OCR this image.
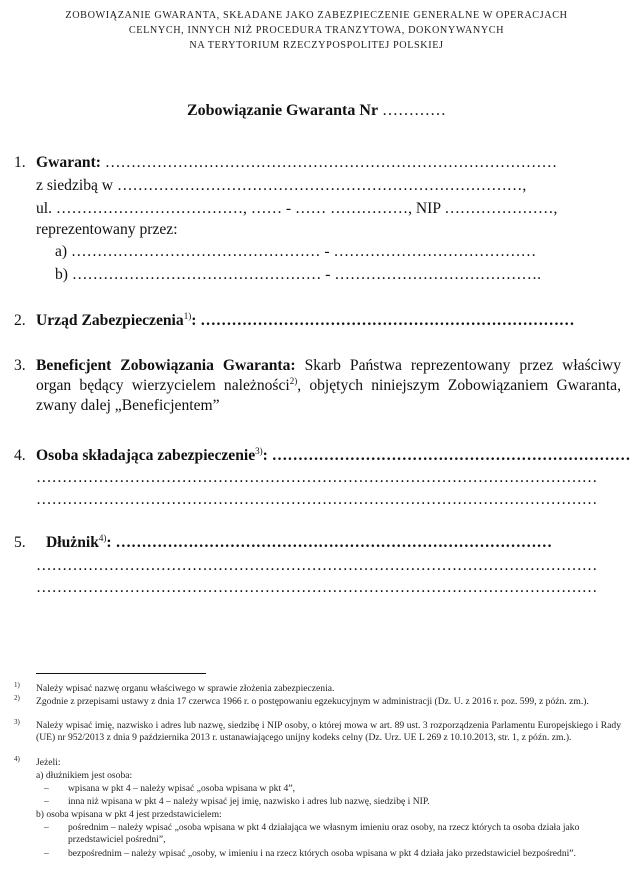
ZOBOWIĄZANIE GWARANTA, SKŁADANE JAKO ZABEZPIECZENIE GENERALNE W OPERACJACH
CELNYCH, INNYCH NIŻ PROCEDURA TRANZYTOWA, DOKONYWANYCH
NA TERYTORIUM RZECZYPOSPOLITEJ POLSKIEJ
Zobowiązanie Gwaranta Nr …………
1. Gwarant: ……………………………………………………………………………
z siedzibą w ……………………………………………………………………,
ul. ………………………………, …… - …… ……………, NIP …………………,
reprezentowany przez:
a) ………………………………………… - …………………………………
b) ………………………………………… - ………………………………….
2. Urząd Zabezpieczenia$^{1)}$: ………………………………………………………………
3. Beneficjent Zobowiązania Gwaranta: Skarb Państwa reprezentowany przez właściwy organ będący wierzycielem należności$^{2)}$, objętych niniejszym Zobowiązaniem Gwaranta, zwany dalej „Beneficjentem”
4. Osoba składająca zabezpieczenie$^{3)}$: ……………………………………………………………
………………………………………………………………………………………………
………………………………………………………………………………………………
5. Dłużnik$^{4)}$: …………………………………………………………………………
………………………………………………………………………………………………
………………………………………………………………………………………………
$^{1)}$ Należy wpisać nazwę organu właściwego w sprawie złożenia zabezpieczenia.
$^{2)}$ Zgodnie z przepisami ustawy z dnia 17 czerwca 1966 r. o postępowaniu egzekucyjnym w administracji (Dz. U. z 2016 r. poz. 599, z późn. zm.).
$^{3)}$ Należy wpisać imię, nazwisko i adres lub nazwę, siedzibę i NIP osoby, o której mowa w art. 89 ust. 3 rozporządzenia Parlamentu Europejskiego i Rady (UE) nr 952/2013 z dnia 9 października 2013 r. ustanawiającego unijny kodeks celny (Dz. Urz. UE L 269 z 10.10.2013, str. 1, z późn. zm.).
$^{4)}$ Jeżeli:
a) dłużnikiem jest osoba:
– wpisana w pkt 4 – należy wpisać „osoba wpisana w pkt 4”,
– inna niż wpisana w pkt 4 – należy wpisać jej imię, nazwisko i adres lub nazwę, siedzibę i NIP.
b) osoba wpisana w pkt 4 jest przedstawicielem:
– pośrednim – należy wpisać „osoba wpisana w pkt 4 działająca we własnym imieniu oraz osoby, na rzecz których ta osoba działa jako przedstawiciel pośredni”,
– bezpośrednim – należy wpisać „osoby, w imieniu i na rzecz których osoba wpisana w pkt 4 działa jako przedstawiciel bezpośredni”.
